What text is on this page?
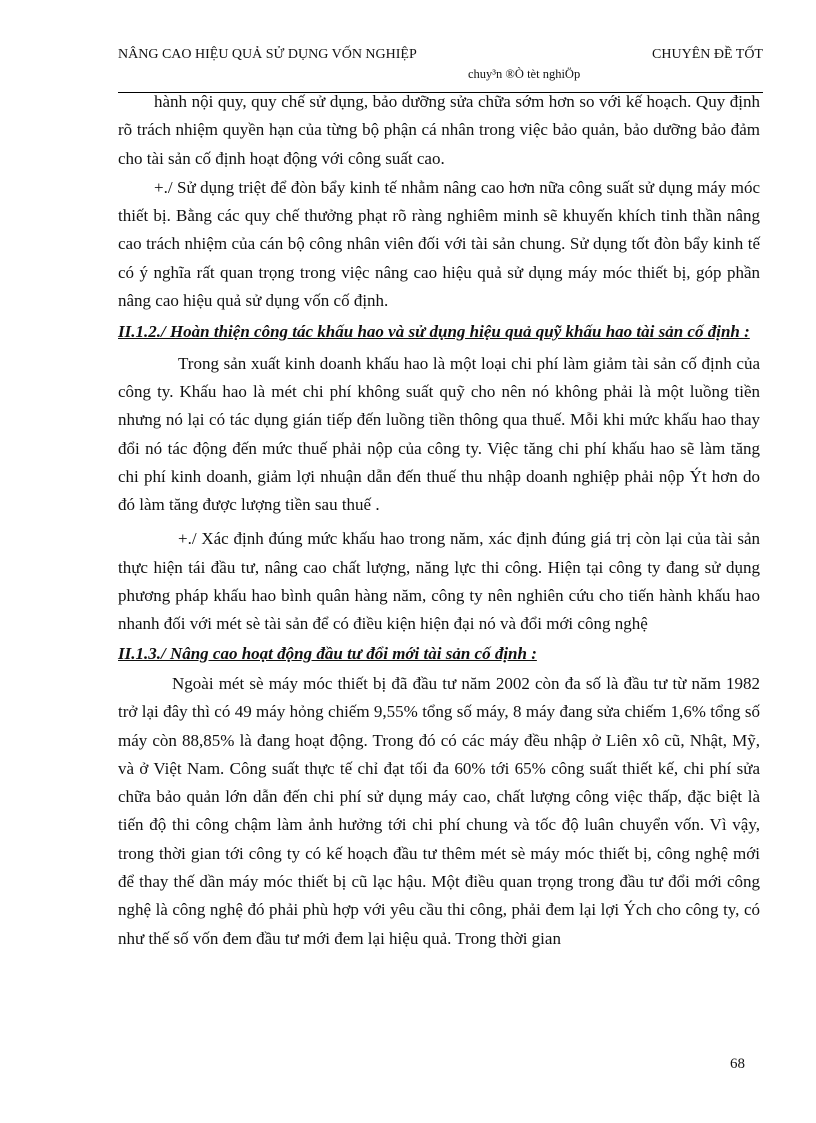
NÂNG CAO HIỆU QUẢ SỬ DỤNG VỐN NGHIỆP	CHUYÊN ĐỀ TỐT
chuy³n ®Ò tèt nghiÖp

hành nội quy, quy chế sử dụng, bảo dưỡng sửa chữa sớm hơn so với kế hoạch. Quy định rõ trách nhiệm quyền hạn của từng bộ phận cá nhân trong việc bảo quản, bảo dưỡng bảo đảm cho tài sản cố định hoạt động với công suất cao.

+./ Sử dụng triệt để đòn bẩy kinh tế nhằm nâng cao hơn nữa công suất sử dụng máy móc thiết bị. Bằng các quy chế thưởng phạt rõ ràng nghiêm minh sẽ khuyến khích tinh thần nâng cao trách nhiệm của cán bộ công nhân viên đối với tài sản chung. Sử dụng tốt đòn bẩy kinh tế có ý nghĩa rất quan trọng trong việc nâng cao hiệu quả sử dụng máy móc thiết bị, góp phần nâng cao hiệu quả sử dụng vốn cố định.

II.1.2./ Hoàn thiện công tác khấu hao và sử dụng hiệu quả quỹ khấu hao tài sản cố định :

Trong sản xuất kinh doanh khấu hao là một loại chi phí làm giảm tài sản cố định của công ty. Khấu hao là mét chi phí không suất quỹ cho nên nó không phải là một luồng tiền nhưng nó lại có tác dụng gián tiếp đến luồng tiền thông qua thuế. Mỗi khi mức khấu hao thay đổi nó tác động đến mức thuế phải nộp của công ty. Việc tăng chi phí khấu hao sẽ làm tăng chi phí kinh doanh, giảm lợi nhuận dẫn đến thuế thu nhập doanh nghiệp phải nộp Ýt hơn do đó làm tăng được lượng tiền sau thuế .

+./ Xác định đúng mức khấu hao trong năm, xác định đúng giá trị còn lại của tài sản thực hiện tái đầu tư, nâng cao chất lượng, năng lực thi công. Hiện tại công ty đang sử dụng phương pháp khấu hao bình quân hàng năm, công ty nên nghiên cứu cho tiến hành khấu hao nhanh đối với mét sè tài sản để có điều kiện hiện đại nó và đổi mới công nghệ

II.1.3./ Nâng cao hoạt động đầu tư đổi mới tài sản cố định :

Ngoài mét sè máy móc thiết bị đã đầu tư năm 2002 còn đa số là đầu tư từ năm 1982 trở lại đây thì có 49 máy hỏng chiếm 9,55% tổng số máy, 8 máy đang sửa chiếm 1,6% tổng số máy còn 88,85% là đang hoạt động. Trong đó có các máy đều nhập ở Liên xô cũ, Nhật, Mỹ, và ở Việt Nam. Công suất thực tế chỉ đạt tối đa 60% tới 65% công suất thiết kế, chi phí sửa chữa bảo quản lớn dẫn đến chi phí sử dụng máy cao, chất lượng công việc thấp, đặc biệt là tiến độ thi công chậm làm ảnh hưởng tới chi phí chung và tốc độ luân chuyển vốn. Vì vậy, trong thời gian tới công ty có kế hoạch đầu tư thêm mét sè máy móc thiết bị, công nghệ mới để thay thế dần máy móc thiết bị cũ lạc hậu. Một điều quan trọng trong đầu tư đổi mới công nghệ là công nghệ đó phải phù hợp với yêu cầu thi công, phải đem lại lợi Ých cho công ty, có như thế số vốn đem đầu tư mới đem lại hiệu quả. Trong thời gian

68
